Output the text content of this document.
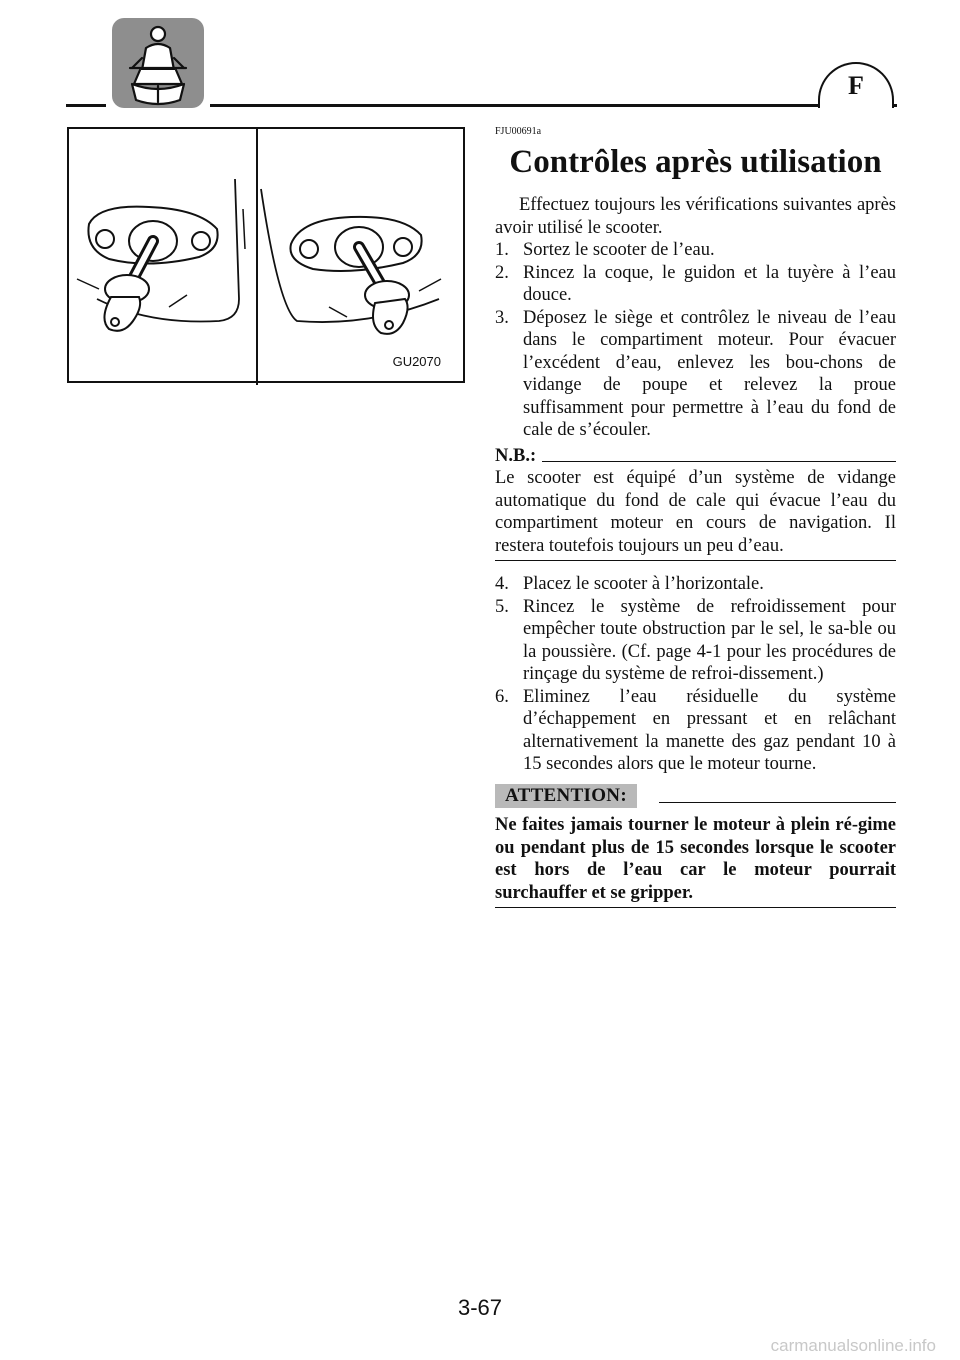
F
GU2070
FJU00691a
Contrôles après utilisation

Effectuez toujours les vérifications suivantes après avoir utilisé le scooter.

1. Sortez le scooter de l’eau.
2. Rincez la coque, le guidon et la tuyère à l’eau douce.
3. Déposez le siège et contrôlez le niveau de l’eau dans le compartiment moteur. Pour évacuer l’excédent d’eau, enlevez les bou-chons de vidange de poupe et relevez la proue suffisamment pour permettre à l’eau du fond de cale de s’écouler.
N.B.:
Le scooter est équipé d’un système de vidange automatique du fond de cale qui évacue l’eau du compartiment moteur en cours de navigation. Il restera toutefois toujours un peu d’eau.
4. Placez le scooter à l’horizontale.
5. Rincez le système de refroidissement pour empêcher toute obstruction par le sel, le sa-ble ou la poussière. (Cf. page 4-1 pour les procédures de rinçage du système de refroi-dissement.)
6. Eliminez l’eau résiduelle du système d’échappement en pressant et en relâchant alternativement la manette des gaz pendant 10 à 15 secondes alors que le moteur tourne.
ATTENTION:
Ne faites jamais tourner le moteur à plein ré-gime ou pendant plus de 15 secondes lorsque le scooter est hors de l’eau car le moteur pourrait surchauffer et se gripper.
3-67
carmanualsonline.info
